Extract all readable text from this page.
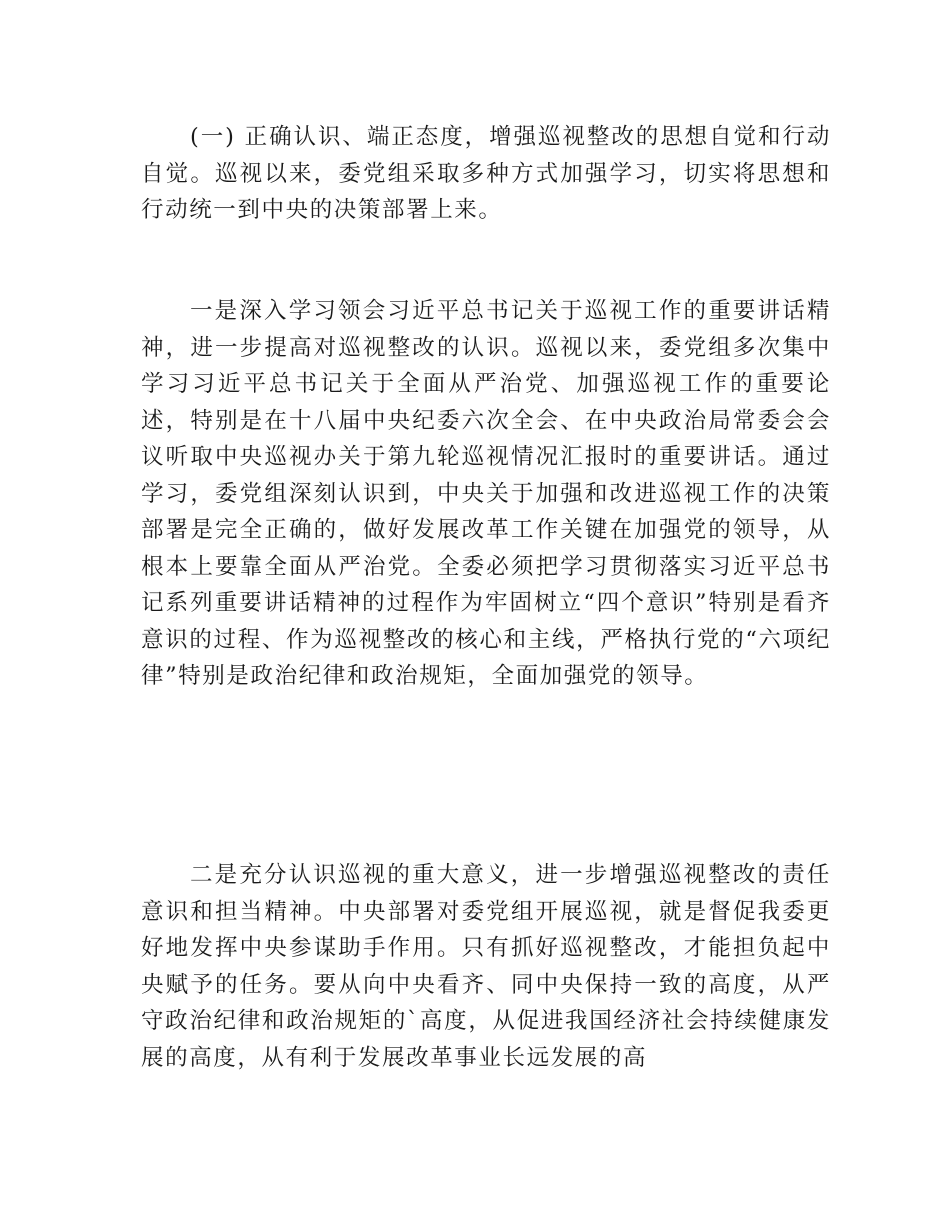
(一) 正确认识、端正态度，增强巡视整改的思想自觉和行动自觉。巡视以来，委党组采取多种方式加强学习，切实将思想和行动统一到中央的决策部署上来。

一是深入学习领会习近平总书记关于巡视工作的重要讲话精神，进一步提高对巡视整改的认识。巡视以来，委党组多次集中学习习近平总书记关于全面从严治党、加强巡视工作的重要论述，特别是在十八届中央纪委六次全会、在中央政治局常委会会议听取中央巡视办关于第九轮巡视情况汇报时的重要讲话。通过学习，委党组深刻认识到，中央关于加强和改进巡视工作的决策部署是完全正确的，做好发展改革工作关键在加强党的领导，从根本上要靠全面从严治党。全委必须把学习贯彻落实习近平总书记系列重要讲话精神的过程作为牢固树立“四个意识”特别是看齐意识的过程、作为巡视整改的核心和主线，严格执行党的“六项纪律”特别是政治纪律和政治规矩，全面加强党的领导。

二是充分认识巡视的重大意义，进一步增强巡视整改的责任意识和担当精神。中央部署对委党组开展巡视，就是督促我委更好地发挥中央参谋助手作用。只有抓好巡视整改，才能担负起中央赋予的任务。要从向中央看齐、同中央保持一致的高度，从严守政治纪律和政治规矩的`高度，从促进我国经济社会持续健康发展的高度，从有利于发展改革事业长远发展的高
